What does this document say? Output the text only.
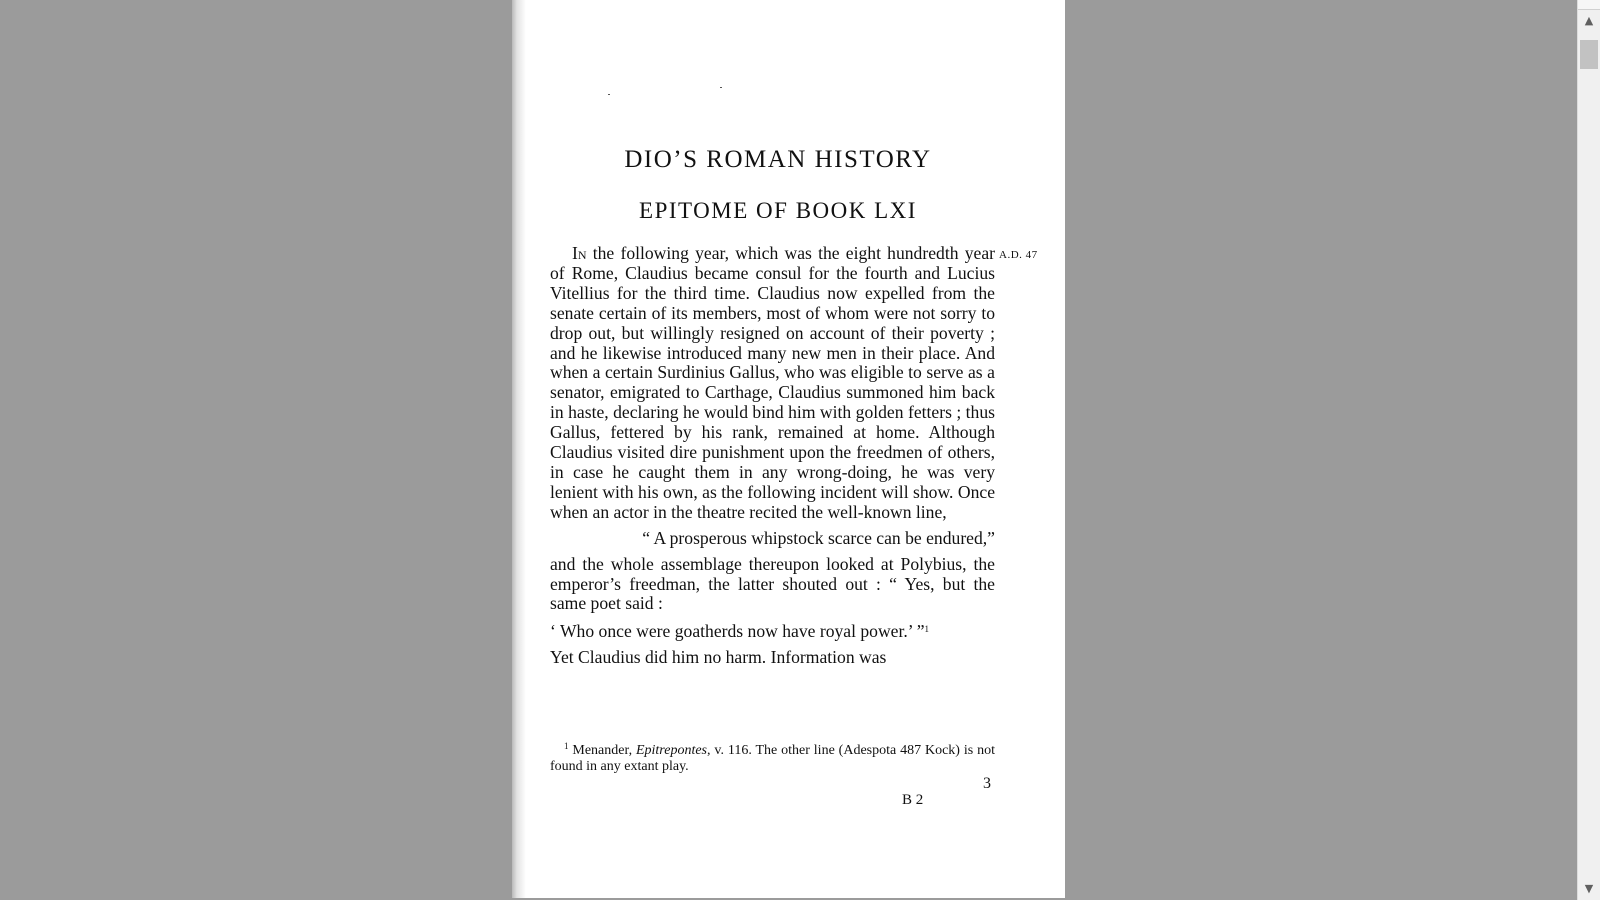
DIO’S ROMAN HISTORY
EPITOME OF BOOK LXI

In the following year, which was the eight hundredth year of Rome, Claudius became consul for the fourth and Lucius Vitellius for the third time. Claudius now expelled from the senate certain of its members, most of whom were not sorry to drop out, but willingly resigned on account of their poverty ; and he likewise introduced many new men in their place. And when a certain Surdinius Gallus, who was eligible to serve as a senator, emigrated to Carthage, Claudius summoned him back in haste, declaring he would bind him with golden fetters ; thus Gallus, fettered by his rank, remained at home. Although Claudius visited dire punishment upon the freedmen of others, in case he caught them in any wrong-doing, he was very lenient with his own, as the following incident will show. Once when an actor in the theatre recited the well-known line,

“ A prosperous whipstock scarce can be endured,”

and the whole assemblage thereupon looked at Polybius, the emperor’s freedman, the latter shouted out : “ Yes, but the same poet said :

‘ Who once were goatherds now have royal power.’ ”$^1$

Yet Claudius did him no harm. Information was

$^1$ Menander, Epitrepontes, v. 116. The other line (Adespota 487 Kock) is not found in any extant play.

3
B 2
A.D. 47
▲
▼
